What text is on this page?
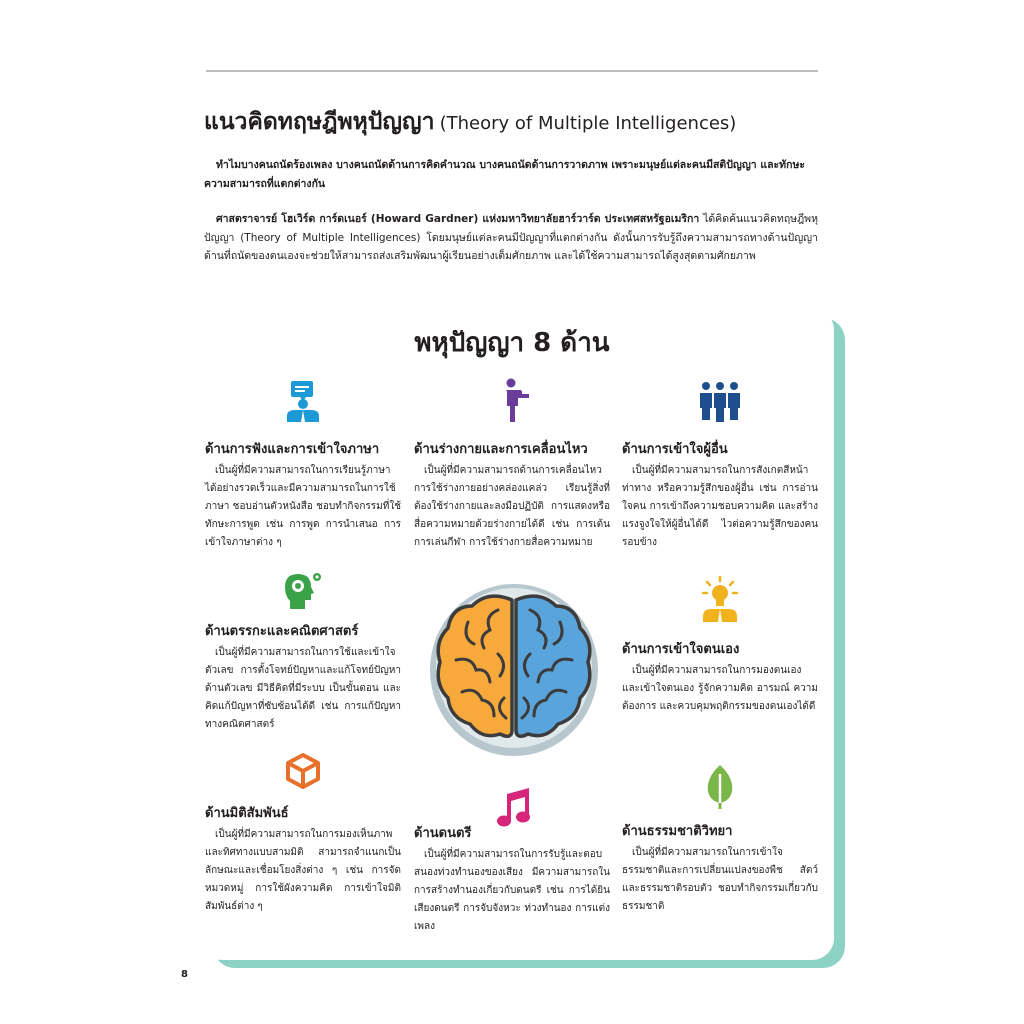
แนวคิดทฤษฎีพหุปัญญา (Theory of Multiple Intelligences)
ทำไมบางคนถนัดร้องเพลง บางคนถนัดด้านการคิดคำนวณ บางคนถนัดด้านการวาดภาพ เพราะมนุษย์แต่ละคนมีสติปัญญา และทักษะความสามารถที่แตกต่างกัน
ศาสตราจารย์ โฮเวิร์ด การ์ดเนอร์ (Howard Gardner) แห่งมหาวิทยาลัยฮาร์วาร์ด ประเทศสหรัฐอเมริกา ได้คิดค้นแนวคิดทฤษฎีพหุปัญญา (Theory of Multiple Intelligences) โดยมนุษย์แต่ละคนมีปัญญาที่แตกต่างกัน ดังนั้นการรับรู้ถึงความสามารถทางด้านปัญญาด้านที่ถนัดของตนเองจะช่วยให้สามารถส่งเสริมพัฒนาผู้เรียนอย่างเต็มศักยภาพ และได้ใช้ความสามารถได้สูงสุดตามศักยภาพ
พหุปัญญา 8 ด้าน
ด้านการฟังและการเข้าใจภาษา
เป็นผู้ที่มีความสามารถในการเรียนรู้ภาษาได้อย่างรวดเร็วและมีความสามารถในการใช้ภาษา ชอบอ่านตัวหนังสือ ชอบทำกิจกรรมที่ใช้ทักษะการพูด เช่น การพูด การนำเสนอ การเข้าใจภาษาต่าง ๆ
ด้านร่างกายและการเคลื่อนไหว
เป็นผู้ที่มีความสามารถด้านการเคลื่อนไหวการใช้ร่างกายอย่างคล่องแคล่ว เรียนรู้สิ่งที่ต้องใช้ร่างกายและลงมือปฏิบัติ การแสดงหรือสื่อความหมายด้วยร่างกายได้ดี เช่น การเต้น การเล่นกีฬา การใช้ร่างกายสื่อความหมาย
ด้านการเข้าใจผู้อื่น
เป็นผู้ที่มีความสามารถในการสังเกตสีหน้า ท่าทาง หรือความรู้สึกของผู้อื่น เช่น การอ่านใจคน การเข้าถึงความชอบความคิด และสร้างแรงจูงใจให้ผู้อื่นได้ดี ไวต่อความรู้สึกของคนรอบข้าง
ด้านตรรกะและคณิตศาสตร์
เป็นผู้ที่มีความสามารถในการใช้และเข้าใจตัวเลข การตั้งโจทย์ปัญหาและแก้โจทย์ปัญหาด้านตัวเลข มีวิธีคิดที่มีระบบ เป็นขั้นตอน และคิดแก้ปัญหาที่ซับซ้อนได้ดี เช่น การแก้ปัญหาทางคณิตศาสตร์
ด้านการเข้าใจตนเอง
เป็นผู้ที่มีความสามารถในการมองตนเองและเข้าใจตนเอง รู้จักความคิด อารมณ์ ความต้องการ และควบคุมพฤติกรรมของตนเองได้ดี
ด้านมิติสัมพันธ์
เป็นผู้ที่มีความสามารถในการมองเห็นภาพและทิศทางแบบสามมิติ สามารถจำแนกเป็นลักษณะและเชื่อมโยงสิ่งต่าง ๆ เช่น การจัดหมวดหมู่ การใช้ผังความคิด การเข้าใจมิติสัมพันธ์ต่าง ๆ
ด้านดนตรี
เป็นผู้ที่มีความสามารถในการรับรู้และตอบสนองท่วงทำนองของเสียง มีความสามารถในการสร้างทำนองเกี่ยวกับดนตรี เช่น การได้ยินเสียงดนตรี การจับจังหวะ ท่วงทำนอง การแต่งเพลง
ด้านธรรมชาติวิทยา
เป็นผู้ที่มีความสามารถในการเข้าใจธรรมชาติและการเปลี่ยนแปลงของพืช สัตว์ และธรรมชาติรอบตัว ชอบทำกิจกรรมเกี่ยวกับธรรมชาติ
8
